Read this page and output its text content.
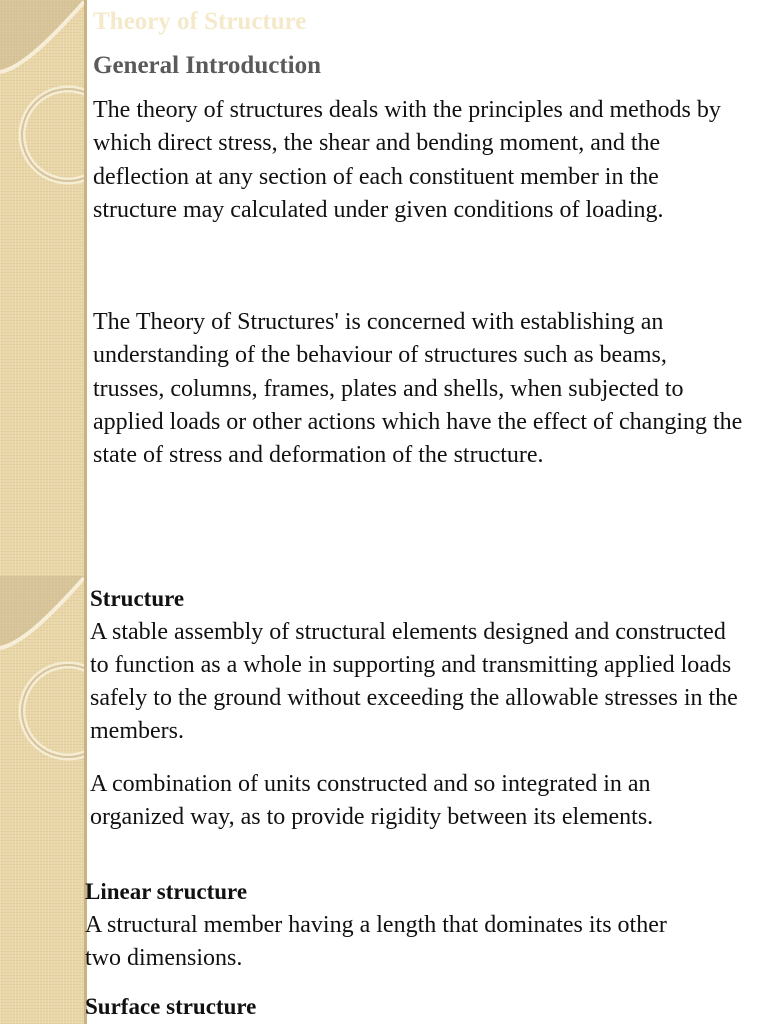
Theory of Structure
General Introduction

The theory of structures deals with the principles and methods by which direct stress, the shear and bending moment, and the deflection at any section of each constituent member in the structure may calculated under given conditions of loading.

The Theory of Structures' is concerned with establishing an understanding of the behaviour of structures such as beams, trusses, columns, frames, plates and shells, when subjected to applied loads or other actions which have the effect of changing the state of stress and deformation of the structure.

Structure

A stable assembly of structural elements designed and constructed to function as a whole in supporting and transmitting applied loads safely to the ground without exceeding the allowable stresses in the members.

A combination of units constructed and so integrated in an organized way, as to provide rigidity between its elements.

Linear structure

A structural member having a length that dominates its other two dimensions.

Surface structure
